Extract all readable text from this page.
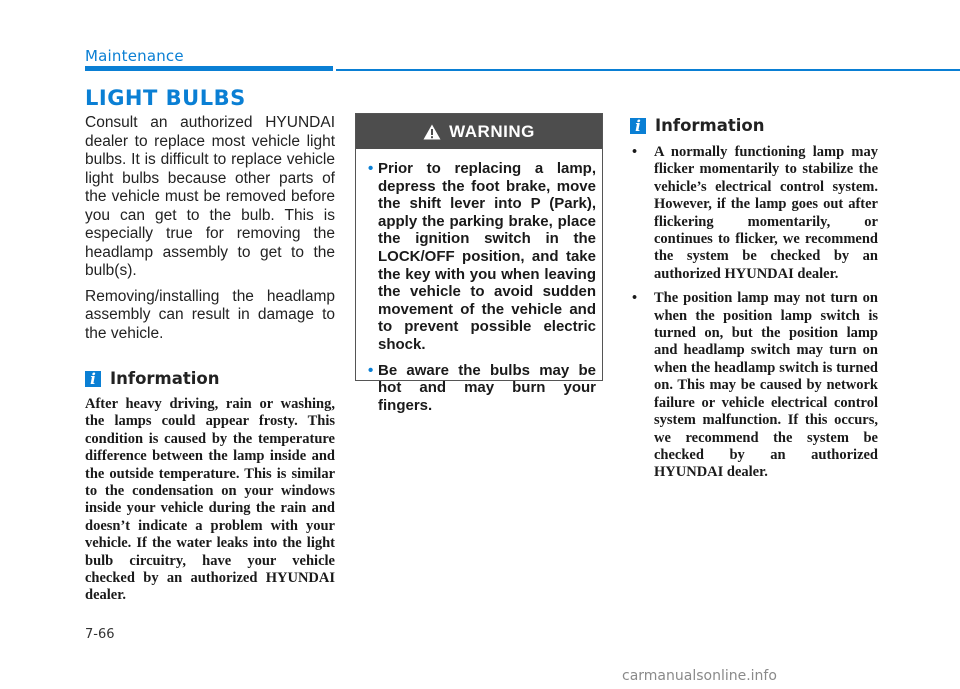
Maintenance
LIGHT BULBS

Consult an authorized HYUNDAI dealer to replace most vehicle light bulbs. It is difficult to replace vehicle light bulbs because other parts of the vehicle must be removed before you can get to the bulb. This is especially true for removing the headlamp assembly to get to the bulb(s).

Removing/installing the headlamp assembly can result in damage to the vehicle.

i Information

After heavy driving, rain or washing, the lamps could appear frosty. This condition is caused by the temperature difference between the lamp inside and the outside temperature. This is similar to the condensation on your windows inside your vehicle during the rain and doesn’t indicate a problem with your vehicle. If the water leaks into the light bulb circuitry, have your vehicle checked by an authorized HYUNDAI dealer.

WARNING
• Prior to replacing a lamp, depress the foot brake, move the shift lever into P (Park), apply the parking brake, place the ignition switch in the LOCK/OFF position, and take the key with you when leaving the vehicle to avoid sudden movement of the vehicle and to prevent possible electric shock.
• Be aware the bulbs may be hot and may burn your fingers.
i Information
• A normally functioning lamp may flicker momentarily to stabilize the vehicle’s electrical control system. However, if the lamp goes out after flickering momentarily, or continues to flicker, we recommend the system be checked by an authorized HYUNDAI dealer.
• The position lamp may not turn on when the position lamp switch is turned on, but the position lamp and headlamp switch may turn on when the headlamp switch is turned on. This may be caused by network failure or vehicle electrical control system malfunction. If this occurs, we recommend the system be checked by an authorized HYUNDAI dealer.
7-66
carmanualsonline.info
